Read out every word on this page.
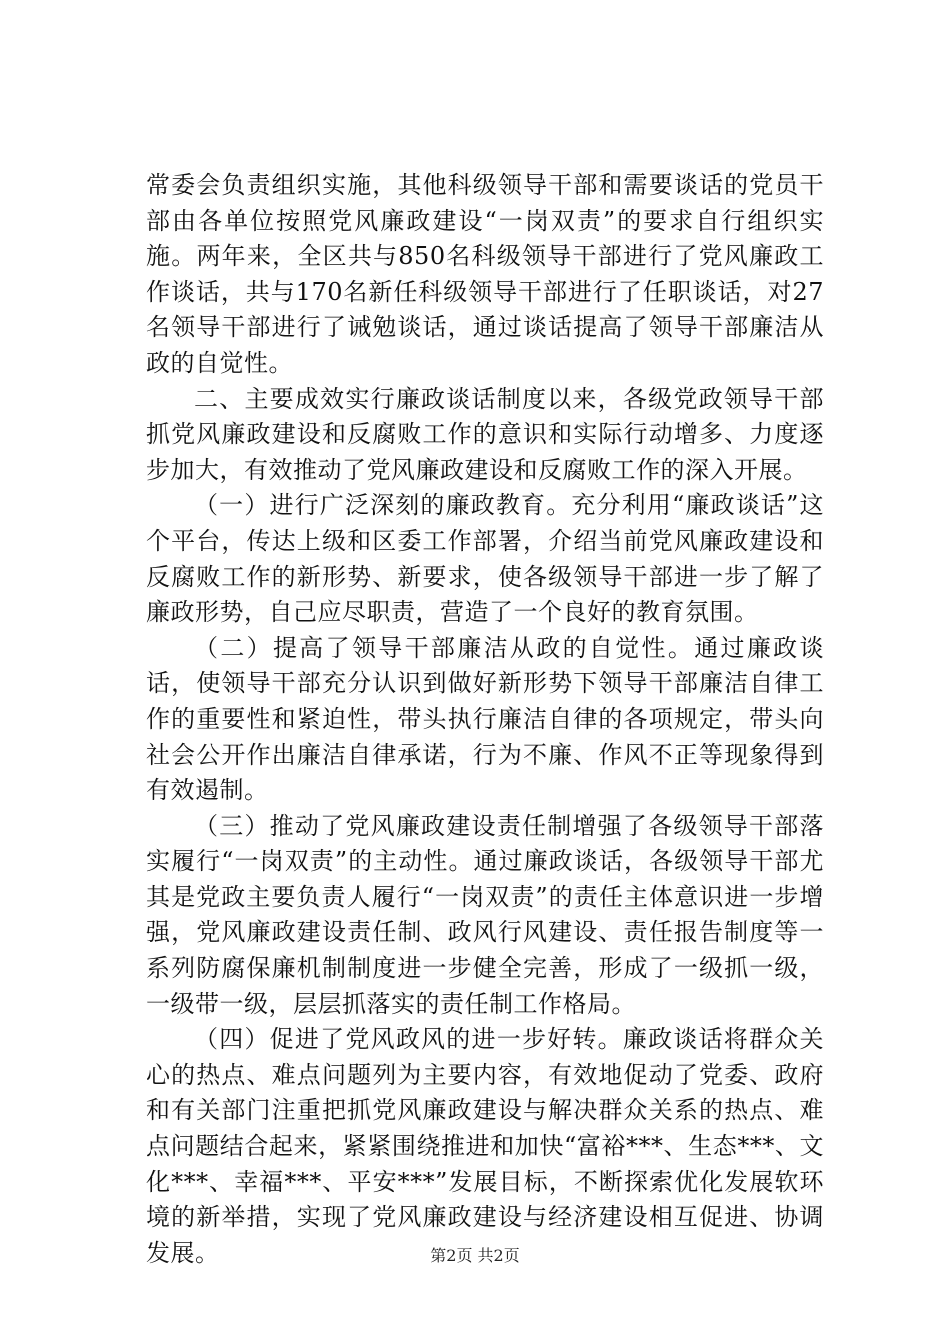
常委会负责组织实施，其他科级领导干部和需要谈话的党员干部由各单位按照党风廉政建设“一岗双责”的要求自行组织实施。两年来，全区共与850名科级领导干部进行了党风廉政工作谈话，共与170名新任科级领导干部进行了任职谈话，对27名领导干部进行了诫勉谈话，通过谈话提高了领导干部廉洁从政的自觉性。

二、主要成效实行廉政谈话制度以来，各级党政领导干部抓党风廉政建设和反腐败工作的意识和实际行动增多、力度逐步加大，有效推动了党风廉政建设和反腐败工作的深入开展。

（一）进行广泛深刻的廉政教育。充分利用“廉政谈话”这个平台，传达上级和区委工作部署，介绍当前党风廉政建设和反腐败工作的新形势、新要求，使各级领导干部进一步了解了廉政形势，自己应尽职责，营造了一个良好的教育氛围。

（二）提高了领导干部廉洁从政的自觉性。通过廉政谈话，使领导干部充分认识到做好新形势下领导干部廉洁自律工作的重要性和紧迫性，带头执行廉洁自律的各项规定，带头向社会公开作出廉洁自律承诺，行为不廉、作风不正等现象得到有效遏制。

（三）推动了党风廉政建设责任制增强了各级领导干部落实履行“一岗双责”的主动性。通过廉政谈话，各级领导干部尤其是党政主要负责人履行“一岗双责”的责任主体意识进一步增强，党风廉政建设责任制、政风行风建设、责任报告制度等一系列防腐保廉机制制度进一步健全完善，形成了一级抓一级，一级带一级，层层抓落实的责任制工作格局。

（四）促进了党风政风的进一步好转。廉政谈话将群众关心的热点、难点问题列为主要内容，有效地促动了党委、政府和有关部门注重把抓党风廉政建设与解决群众关系的热点、难点问题结合起来，紧紧围绕推进和加快“富裕***、生态***、文化***、幸福***、平安***”发展目标，不断探索优化发展软环境的新举措，实现了党风廉政建设与经济建设相互促进、协调发展。	第2页 共2页
